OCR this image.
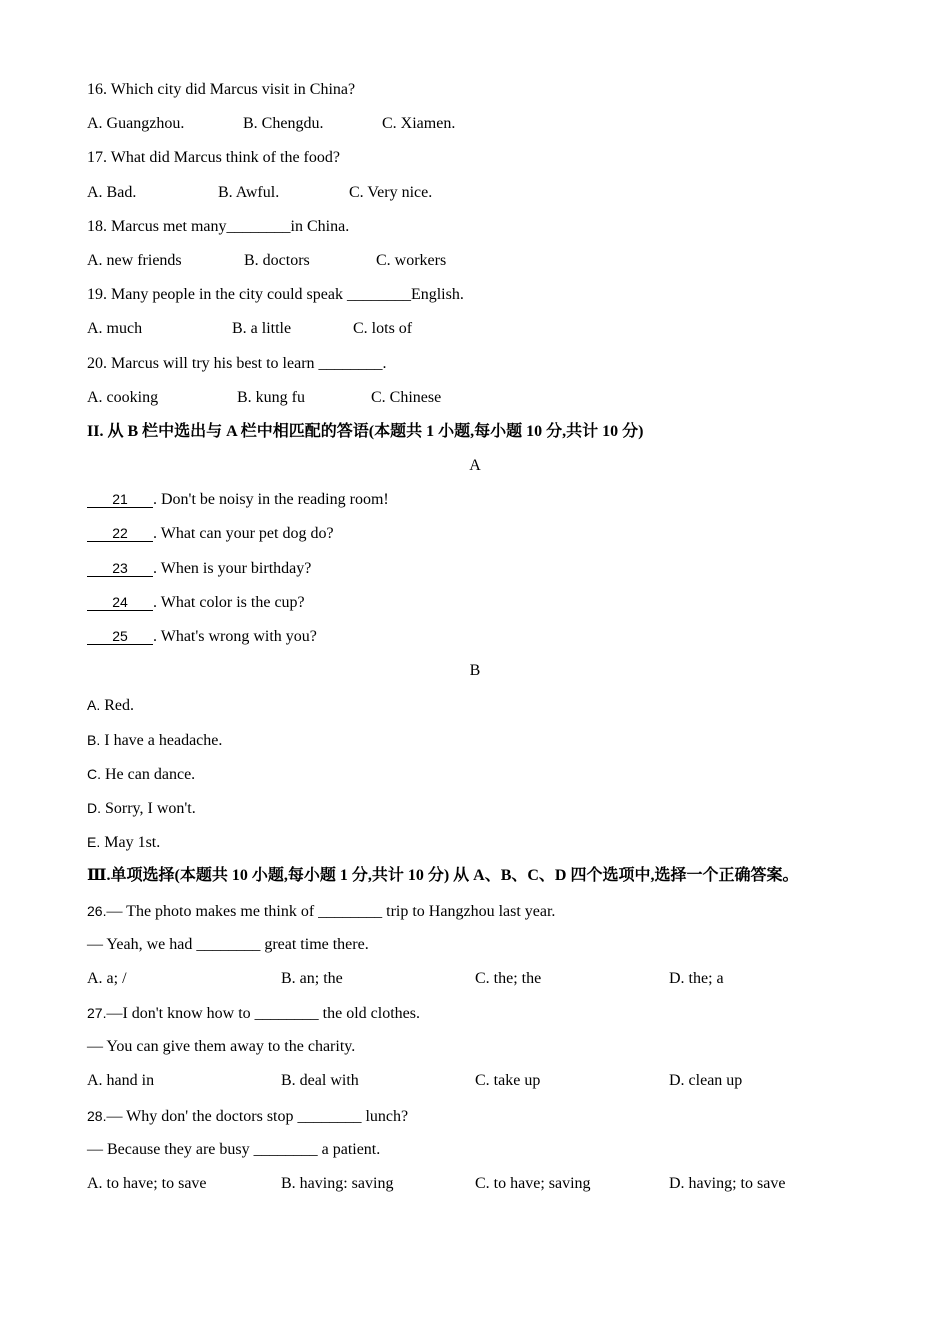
16. Which city did Marcus visit in China?
A. Guangzhou.	B. Chengdu.	C. Xiamen.
17. What did Marcus think of the food?
A. Bad.	B. Awful.	C. Very nice.
18. Marcus met many________in China.
A. new friends	B. doctors	C. workers
19. Many people in the city could speak ________English.
A. much	B. a little	C. lots of
20. Marcus will try his best to learn ________.
A. cooking	B. kung fu	C. Chinese
II. 从 B 栏中选出与 A 栏中相匹配的答语(本题共 1 小题,每小题 10 分,共计 10 分)
A
21 . Don't be noisy in the reading room!
22 . What can your pet dog do?
23 . When is your birthday?
24 . What color is the cup?
25 . What's wrong with you?
B
A. Red.
B. I have a headache.
C. He can dance.
D. Sorry, I won't.
E. May 1st.
Ⅲ.单项选择(本题共 10 小题,每小题 1 分,共计 10 分) 从 A、B、C、D 四个选项中,选择一个正确答案。
26.— The photo makes me think of ________ trip to Hangzhou last year.
— Yeah, we had ________ great time there.
A. a; /	B. an; the	C. the; the	D. the; a
27.—I don't know how to ________ the old clothes.
— You can give them away to the charity.
A. hand in	B. deal with	C. take up	D. clean up
28.— Why don' the doctors stop ________ lunch?
— Because they are busy ________ a patient.
A. to have; to save	B. having: saving	C. to have; saving	D. having; to save
